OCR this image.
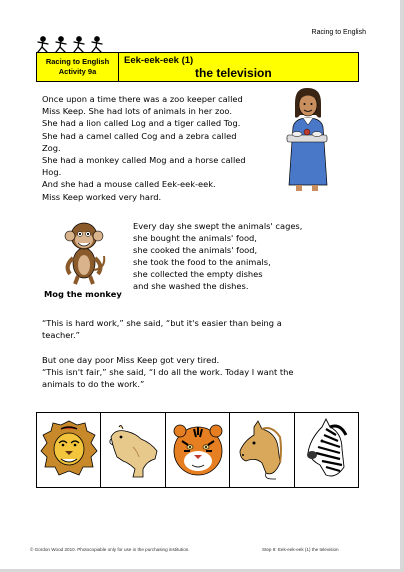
Racing to English
Racing to English
Activity 9a
Eek-eek-eek (1)
the television
Once upon a time there was a zoo keeper called
Miss Keep. She had lots of animals in her zoo.
She had a lion called Log and a tiger called Tog.
She had a camel called Cog and a zebra called
Zog.
She had a monkey called Mog and a horse called
Hog.
And she had a mouse called Eek-eek-eek.
Miss Keep worked very hard.
Every day she swept the animals' cages,
she bought the animals' food,
she cooked the animals' food,
she took the food to the animals,
she collected the empty dishes
and she washed the dishes.
Mog the monkey
“This is hard work,” she said, “but it's easier than being a
teacher.”

But one day poor Miss Keep got very tired.
“This isn't fair,” she said, “I do all the work. Today I want the
animals to do the work.”
© Gordon Wood 2010. Photocopiable only for use in the purchasing institution.	Step 9: Eek-eek-eek (1) the television
